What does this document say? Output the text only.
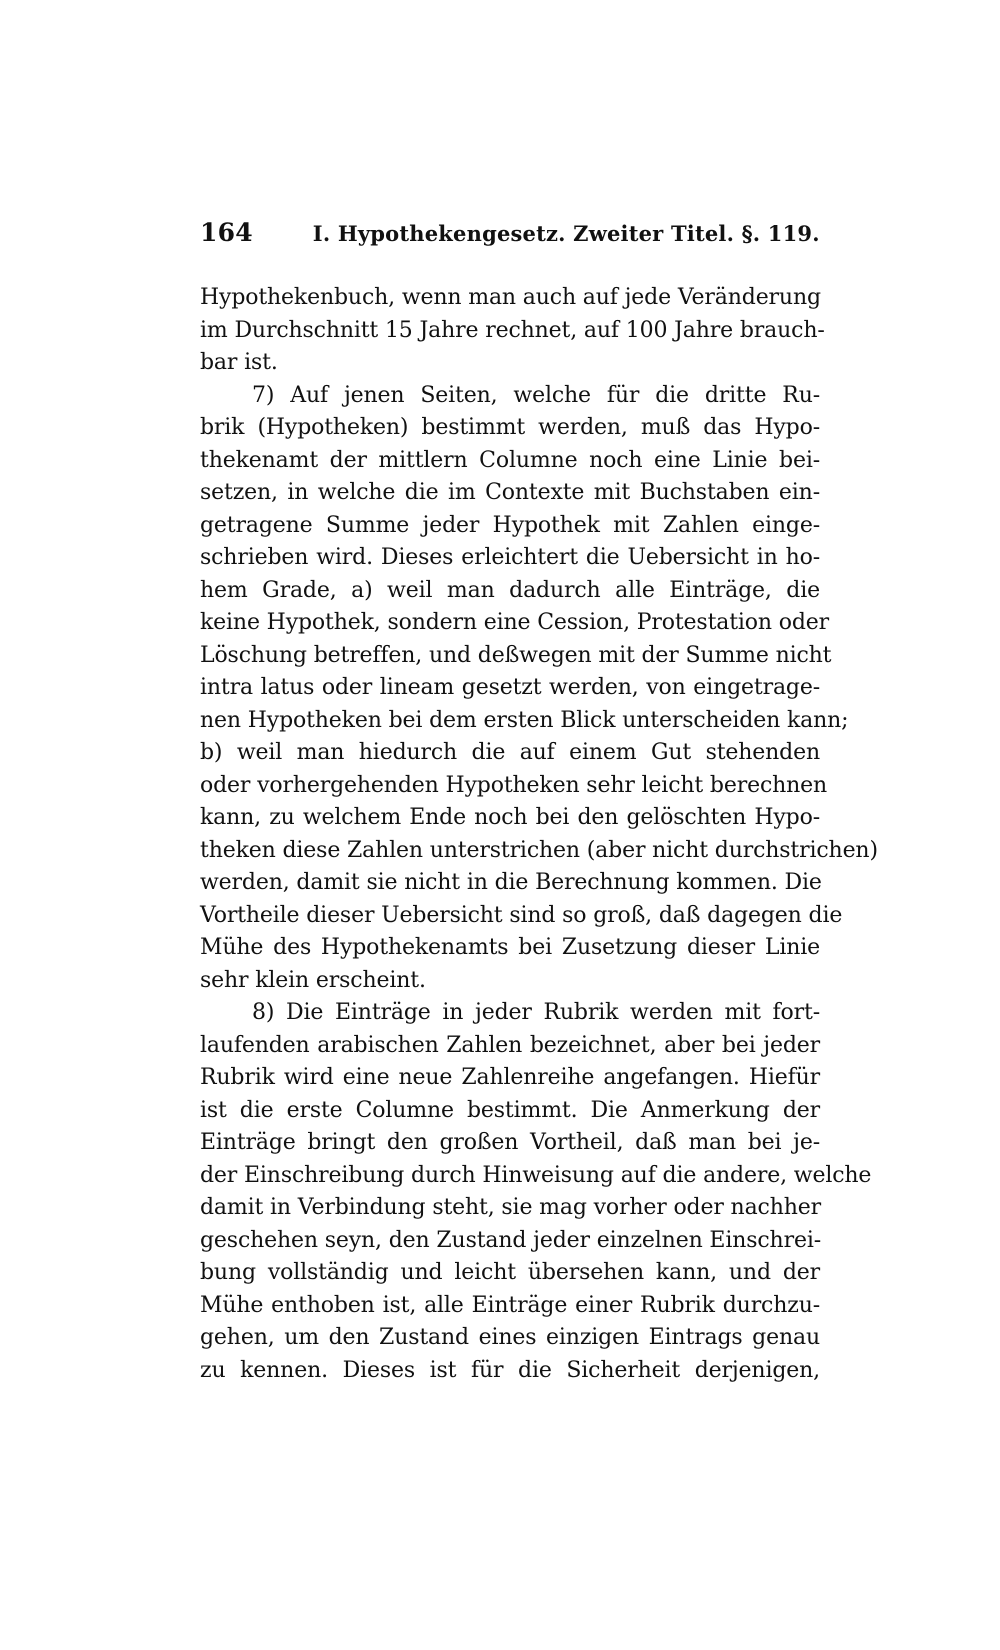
164	I. Hypothekengesetz. Zweiter Titel. §. 119.
Hypothekenbuch, wenn man auch auf jede Veränderung
im Durchschnitt 15 Jahre rechnet, auf 100 Jahre brauch-
bar ist.
7) Auf jenen Seiten, welche für die dritte Ru-
brik (Hypotheken) bestimmt werden, muß das Hypo-
thekenamt der mittlern Columne noch eine Linie bei-
setzen, in welche die im Contexte mit Buchstaben ein-
getragene Summe jeder Hypothek mit Zahlen einge-
schrieben wird. Dieses erleichtert die Uebersicht in ho-
hem Grade, a) weil man dadurch alle Einträge, die
keine Hypothek, sondern eine Cession, Protestation oder
Löschung betreffen, und deßwegen mit der Summe nicht
intra latus oder lineam gesetzt werden, von eingetrage-
nen Hypotheken bei dem ersten Blick unterscheiden kann;
b) weil man hiedurch die auf einem Gut stehenden
oder vorhergehenden Hypotheken sehr leicht berechnen
kann, zu welchem Ende noch bei den gelöschten Hypo-
theken diese Zahlen unterstrichen (aber nicht durchstrichen)
werden, damit sie nicht in die Berechnung kommen. Die
Vortheile dieser Uebersicht sind so groß, daß dagegen die
Mühe des Hypothekenamts bei Zusetzung dieser Linie
sehr klein erscheint.
8) Die Einträge in jeder Rubrik werden mit fort-
laufenden arabischen Zahlen bezeichnet, aber bei jeder
Rubrik wird eine neue Zahlenreihe angefangen. Hiefür
ist die erste Columne bestimmt. Die Anmerkung der
Einträge bringt den großen Vortheil, daß man bei je-
der Einschreibung durch Hinweisung auf die andere, welche
damit in Verbindung steht, sie mag vorher oder nachher
geschehen seyn, den Zustand jeder einzelnen Einschrei-
bung vollständig und leicht übersehen kann, und der
Mühe enthoben ist, alle Einträge einer Rubrik durchzu-
gehen, um den Zustand eines einzigen Eintrags genau
zu kennen. Dieses ist für die Sicherheit derjenigen,
